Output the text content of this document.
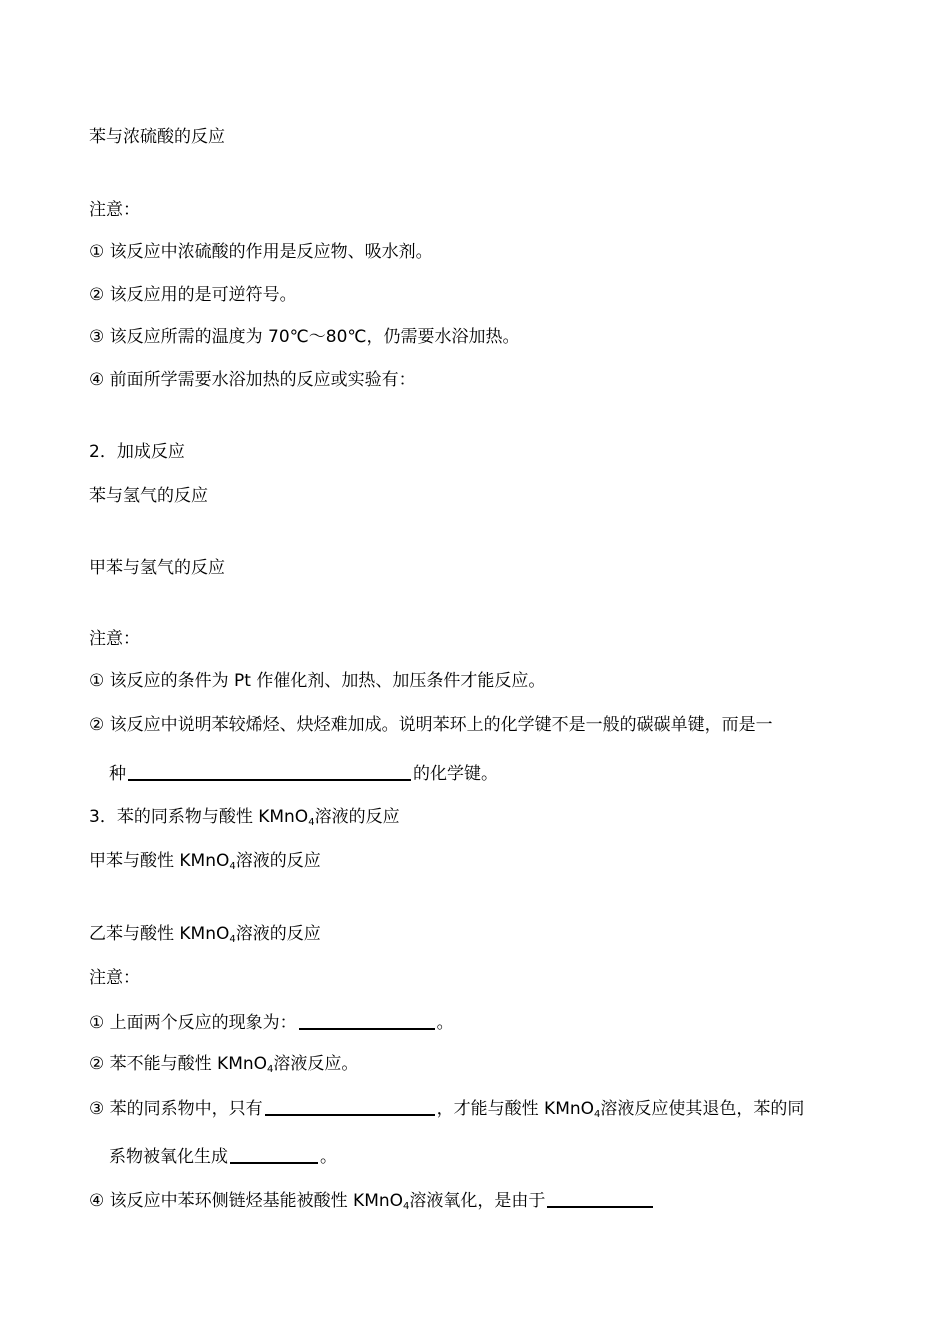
苯与浓硫酸的反应
注意：
① 该反应中浓硫酸的作用是反应物、吸水剂。
② 该反应用的是可逆符号。
③ 该反应所需的温度为 70℃～80℃，仍需要水浴加热。
④ 前面所学需要水浴加热的反应或实验有：
2．加成反应
苯与氢气的反应
甲苯与氢气的反应
注意：
① 该反应的条件为 Pt 作催化剂、加热、加压条件才能反应。
② 该反应中说明苯较烯烃、炔烃难加成。说明苯环上的化学键不是一般的碳碳单键，而是一
种	的化学键。
3．苯的同系物与酸性 KMnO$_4$溶液的反应
甲苯与酸性 KMnO$_4$溶液的反应
乙苯与酸性 KMnO$_4$溶液的反应
注意：
① 上面两个反应的现象为：	。
② 苯不能与酸性 KMnO$_4$溶液反应。
③ 苯的同系物中，只有	，才能与酸性 KMnO$_4$溶液反应使其退色，苯的同
系物被氧化生成	。
④ 该反应中苯环侧链烃基能被酸性 KMnO$_4$溶液氧化，是由于
